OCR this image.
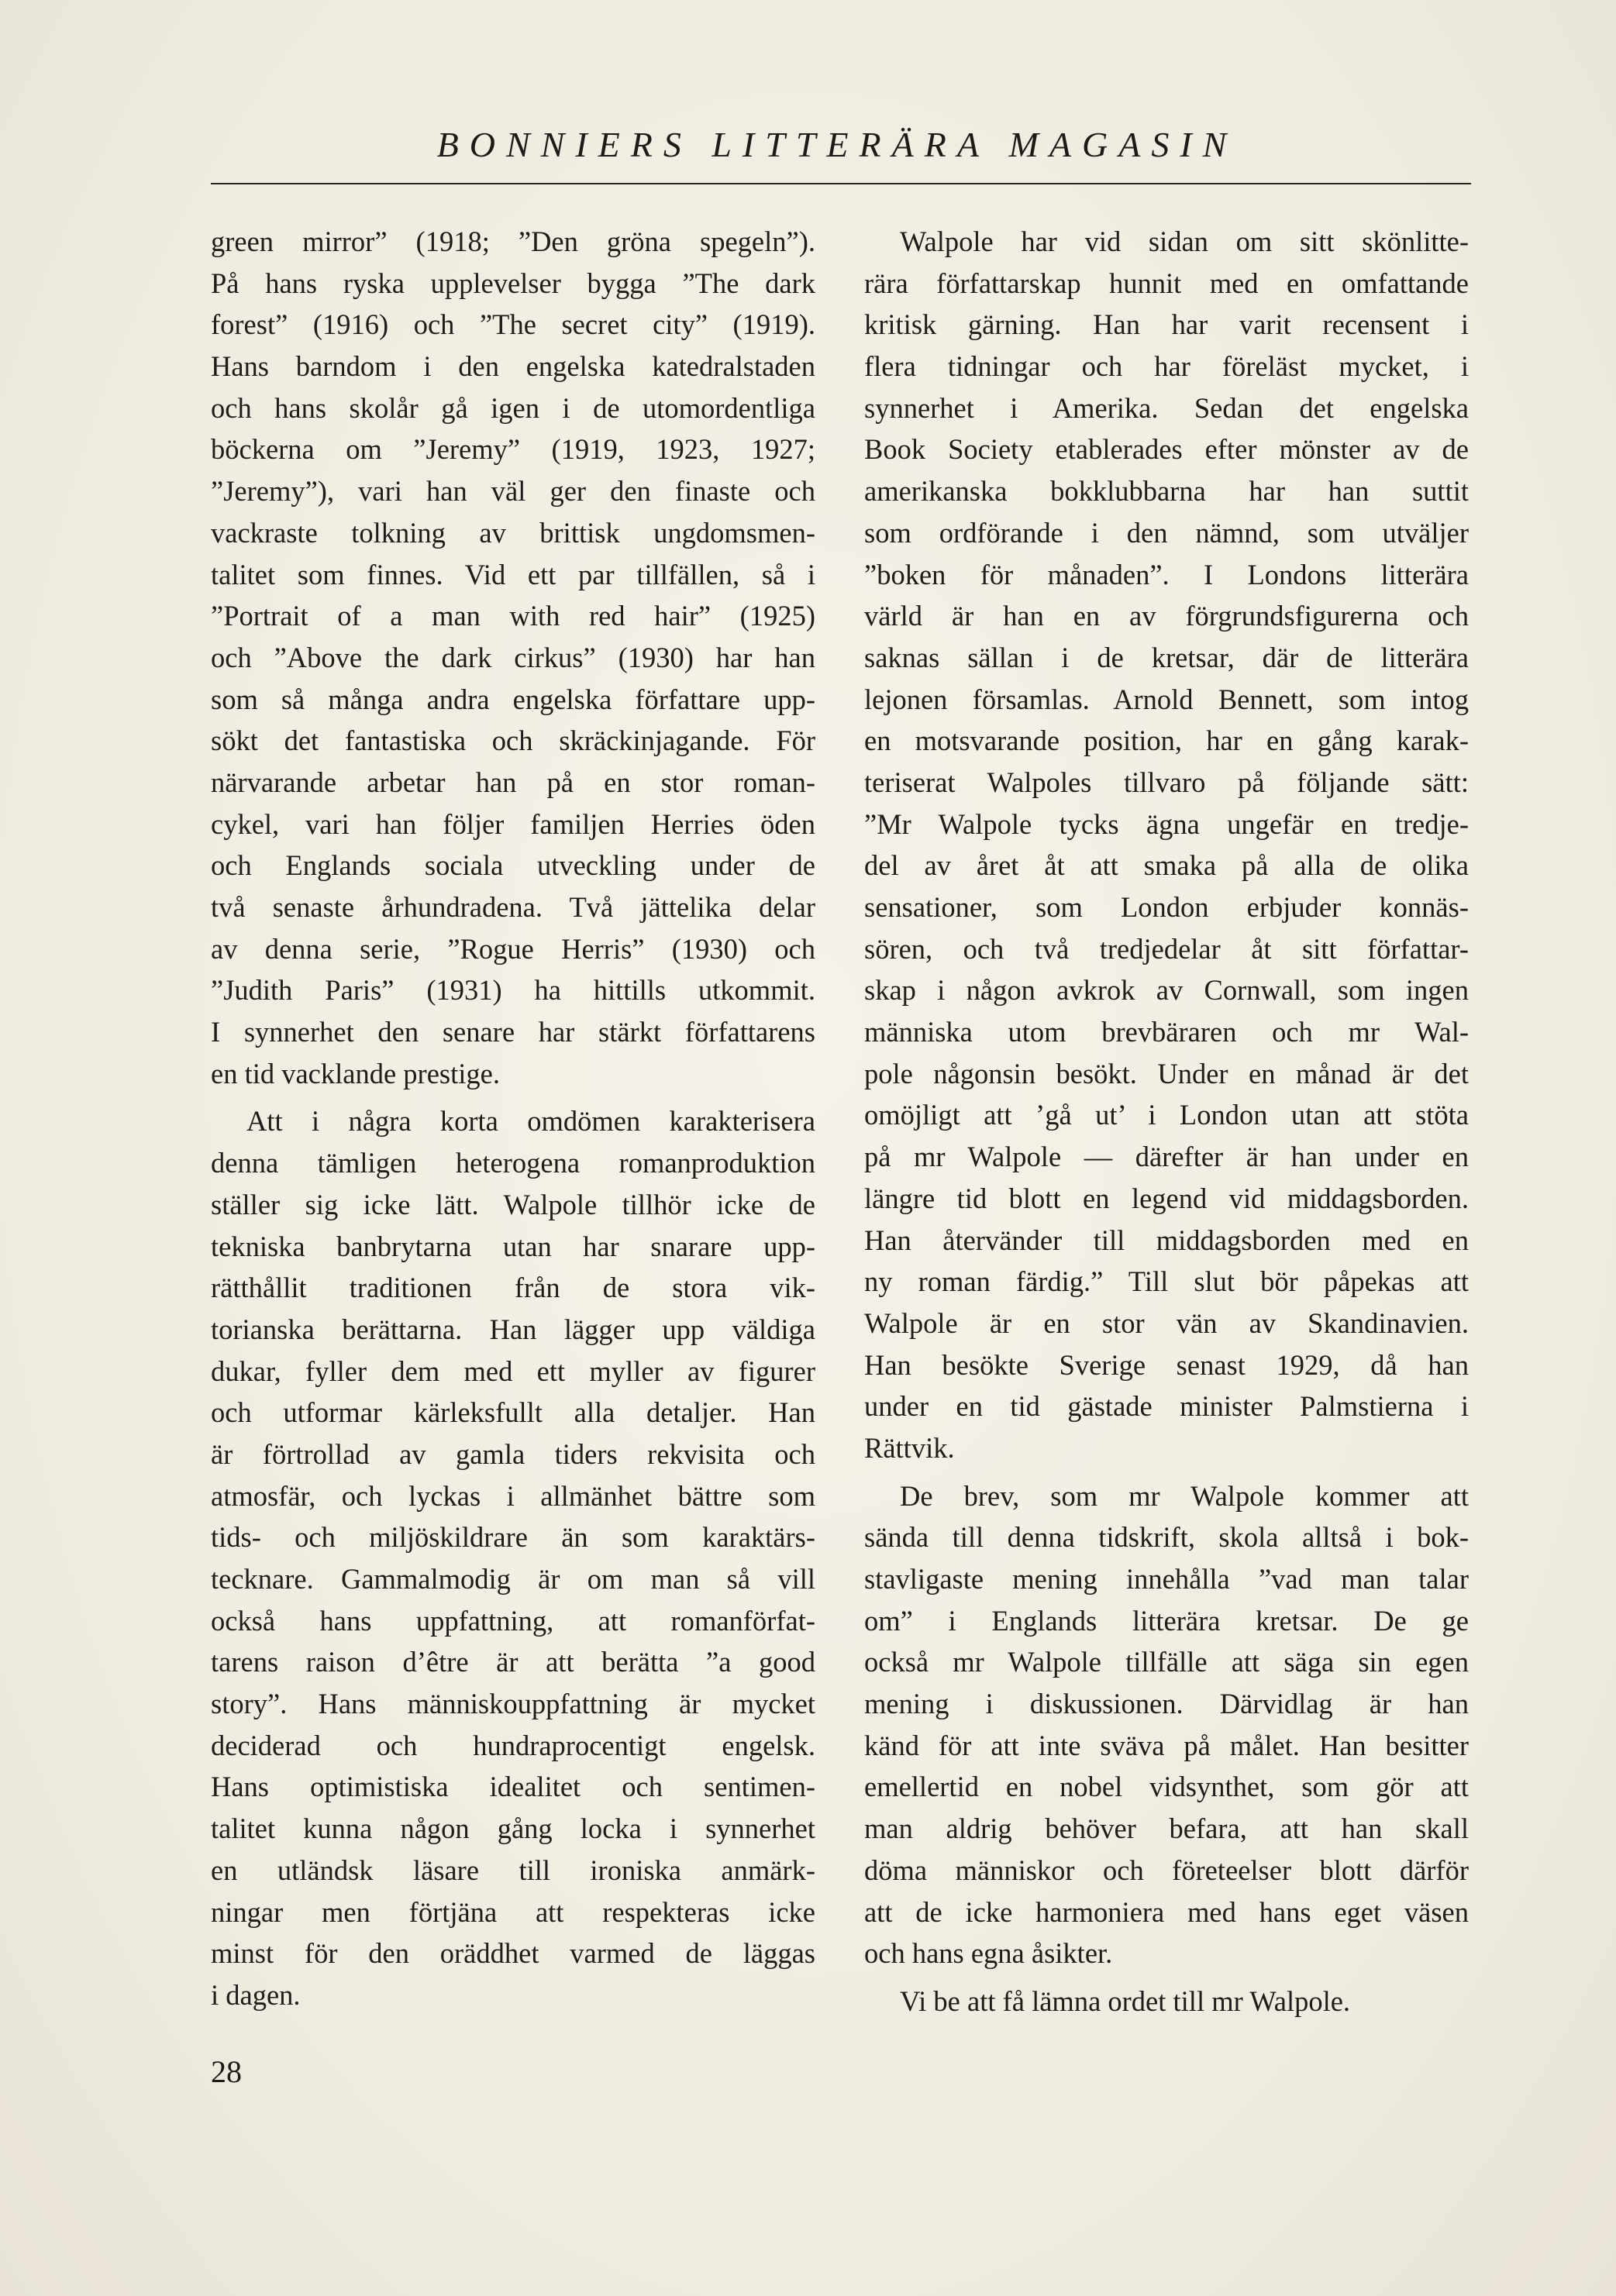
BONNIERS LITTERÄRA MAGASIN
green mirror” (1918; ”Den gröna spegeln”).
På hans ryska upplevelser bygga ”The dark
forest” (1916) och ”The secret city” (1919).
Hans barndom i den engelska katedralstaden
och hans skolår gå igen i de utomordentliga
böckerna om ”Jeremy” (1919, 1923, 1927;
”Jeremy”), vari han väl ger den finaste och
vackraste tolkning av brittisk ungdomsmen-
talitet som finnes. Vid ett par tillfällen, så i
”Portrait of a man with red hair” (1925)
och ”Above the dark cirkus” (1930) har han
som så många andra engelska författare upp-
sökt det fantastiska och skräckinjagande. För
närvarande arbetar han på en stor roman-
cykel, vari han följer familjen Herries öden
och Englands sociala utveckling under de
två senaste århundradena. Två jättelika delar
av denna serie, ”Rogue Herris” (1930) och
”Judith Paris” (1931) ha hittills utkommit.
I synnerhet den senare har stärkt författarens
en tid vacklande prestige.
Att i några korta omdömen karakterisera
denna tämligen heterogena romanproduktion
ställer sig icke lätt. Walpole tillhör icke de
tekniska banbrytarna utan har snarare upp-
rätthållit traditionen från de stora vik-
torianska berättarna. Han lägger upp väldiga
dukar, fyller dem med ett myller av figurer
och utformar kärleksfullt alla detaljer. Han
är förtrollad av gamla tiders rekvisita och
atmosfär, och lyckas i allmänhet bättre som
tids- och miljöskildrare än som karaktärs-
tecknare. Gammalmodig är om man så vill
också hans uppfattning, att romanförfat-
tarens raison d’être är att berätta ”a good
story”. Hans människouppfattning är mycket
deciderad och hundraprocentigt engelsk.
Hans optimistiska idealitet och sentimen-
talitet kunna någon gång locka i synnerhet
en utländsk läsare till ironiska anmärk-
ningar men förtjäna att respekteras icke
minst för den oräddhet varmed de läggas
i dagen.
Walpole har vid sidan om sitt skönlitte-
rära författarskap hunnit med en omfattande
kritisk gärning. Han har varit recensent i
flera tidningar och har föreläst mycket, i
synnerhet i Amerika. Sedan det engelska
Book Society etablerades efter mönster av de
amerikanska bokklubbarna har han suttit
som ordförande i den nämnd, som utväljer
”boken för månaden”. I Londons litterära
värld är han en av förgrundsfigurerna och
saknas sällan i de kretsar, där de litterära
lejonen församlas. Arnold Bennett, som intog
en motsvarande position, har en gång karak-
teriserat Walpoles tillvaro på följande sätt:
”Mr Walpole tycks ägna ungefär en tredje-
del av året åt att smaka på alla de olika
sensationer, som London erbjuder konnäs-
sören, och två tredjedelar åt sitt författar-
skap i någon avkrok av Cornwall, som ingen
människa utom brevbäraren och mr Wal-
pole någonsin besökt. Under en månad är det
omöjligt att ’gå ut’ i London utan att stöta
på mr Walpole — därefter är han under en
längre tid blott en legend vid middagsborden.
Han återvänder till middagsborden med en
ny roman färdig.” Till slut bör påpekas att
Walpole är en stor vän av Skandinavien.
Han besökte Sverige senast 1929, då han
under en tid gästade minister Palmstierna i
Rättvik.
De brev, som mr Walpole kommer att
sända till denna tidskrift, skola alltså i bok-
stavligaste mening innehålla ”vad man talar
om” i Englands litterära kretsar. De ge
också mr Walpole tillfälle att säga sin egen
mening i diskussionen. Därvidlag är han
känd för att inte sväva på målet. Han besitter
emellertid en nobel vidsynthet, som gör att
man aldrig behöver befara, att han skall
döma människor och företeelser blott därför
att de icke harmoniera med hans eget väsen
och hans egna åsikter.
Vi be att få lämna ordet till mr Walpole.
28
